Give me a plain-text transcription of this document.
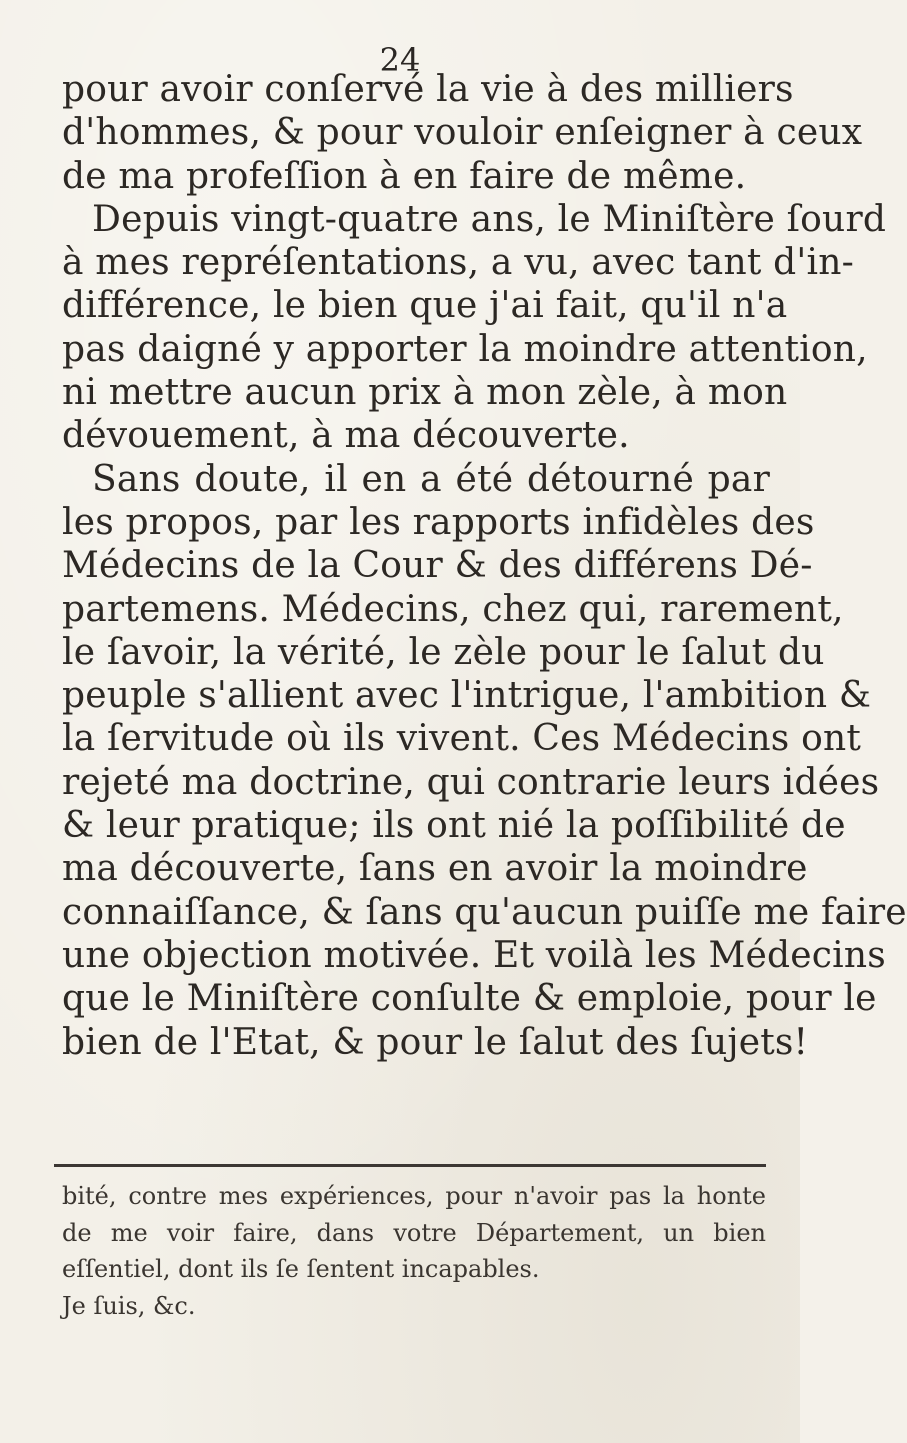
24
pour avoir conſervé la vie à des milliers
d'hommes, & pour vouloir enſeigner à ceux
de ma profeſſion à en faire de même.
Depuis vingt-quatre ans, le Miniſtère ſourd
à mes repréſentations, a vu, avec tant d'in-
différence, le bien que j'ai fait, qu'il n'a
pas daigné y apporter la moindre attention,
ni mettre aucun prix à mon zèle, à mon
dévouement, à ma découverte.
Sans doute, il en a été détourné par
les propos, par les rapports infidèles des
Médecins de la Cour & des différens Dé-
partemens. Médecins, chez qui, rarement,
le ſavoir, la vérité, le zèle pour le ſalut du
peuple s'allient avec l'intrigue, l'ambition &
la ſervitude où ils vivent. Ces Médecins ont
rejeté ma doctrine, qui contrarie leurs idées
& leur pratique; ils ont nié la poſſibilité de
ma découverte, ſans en avoir la moindre
connaiſſance, & ſans qu'aucun puiſſe me faire
une objection motivée. Et voilà les Médecins
que le Miniſtère conſulte & emploie, pour le
bien de l'Etat, & pour le ſalut des ſujets!
bité, contre mes expériences, pour n'avoir pas la honte
de me voir faire, dans votre Département, un bien
eſſentiel, dont ils ſe ſentent incapables.
Je ſuis, &c.
